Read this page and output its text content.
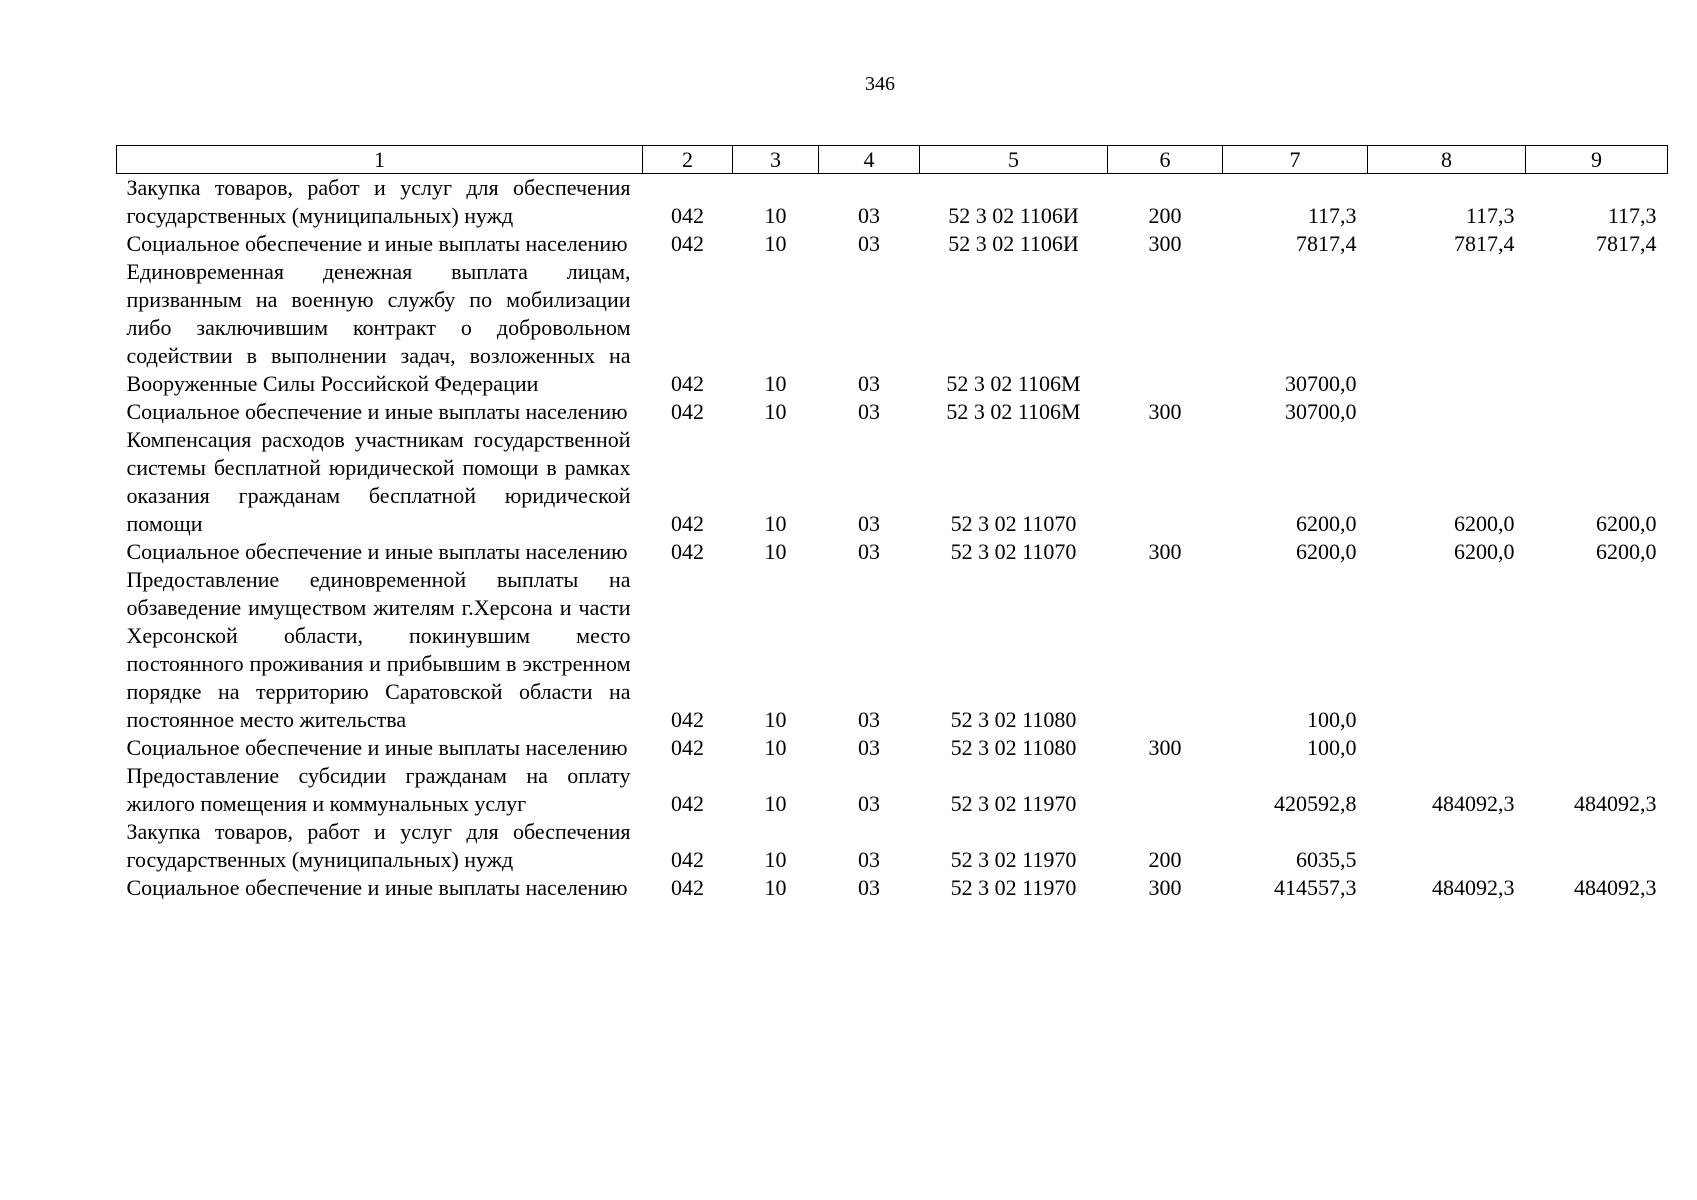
346
1	2	3	4	5	6	7	8	9
Закупка товаров, работ и услуг для обеспечения государственных (муниципальных) нужд	042	10	03	52 3 02 1106И	200	117,3	117,3	117,3
Социальное обеспечение и иные выплаты населению	042	10	03	52 3 02 1106И	300	7817,4	7817,4	7817,4
Единовременная денежная выплата лицам, призванным на военную службу по мобилизации либо заключившим контракт о добровольном содействии в выполнении задач, возложенных на Вооруженные Силы Российской Федерации	042	10	03	52 3 02 1106М		30700,0		
Социальное обеспечение и иные выплаты населению	042	10	03	52 3 02 1106М	300	30700,0		
Компенсация расходов участникам государственной системы бесплатной юридической помощи в рамках оказания гражданам бесплатной юридической помощи	042	10	03	52 3 02 11070		6200,0	6200,0	6200,0
Социальное обеспечение и иные выплаты населению	042	10	03	52 3 02 11070	300	6200,0	6200,0	6200,0
Предоставление единовременной выплаты на обзаведение имуществом жителям г.Херсона и части Херсонской области, покинувшим место постоянного проживания и прибывшим в экстренном порядке на территорию Саратовской области на постоянное место жительства	042	10	03	52 3 02 11080		100,0		
Социальное обеспечение и иные выплаты населению	042	10	03	52 3 02 11080	300	100,0		
Предоставление субсидии гражданам на оплату жилого помещения и коммунальных услуг	042	10	03	52 3 02 11970		420592,8	484092,3	484092,3
Закупка товаров, работ и услуг для обеспечения государственных (муниципальных) нужд	042	10	03	52 3 02 11970	200	6035,5		
Социальное обеспечение и иные выплаты населению	042	10	03	52 3 02 11970	300	414557,3	484092,3	484092,3
